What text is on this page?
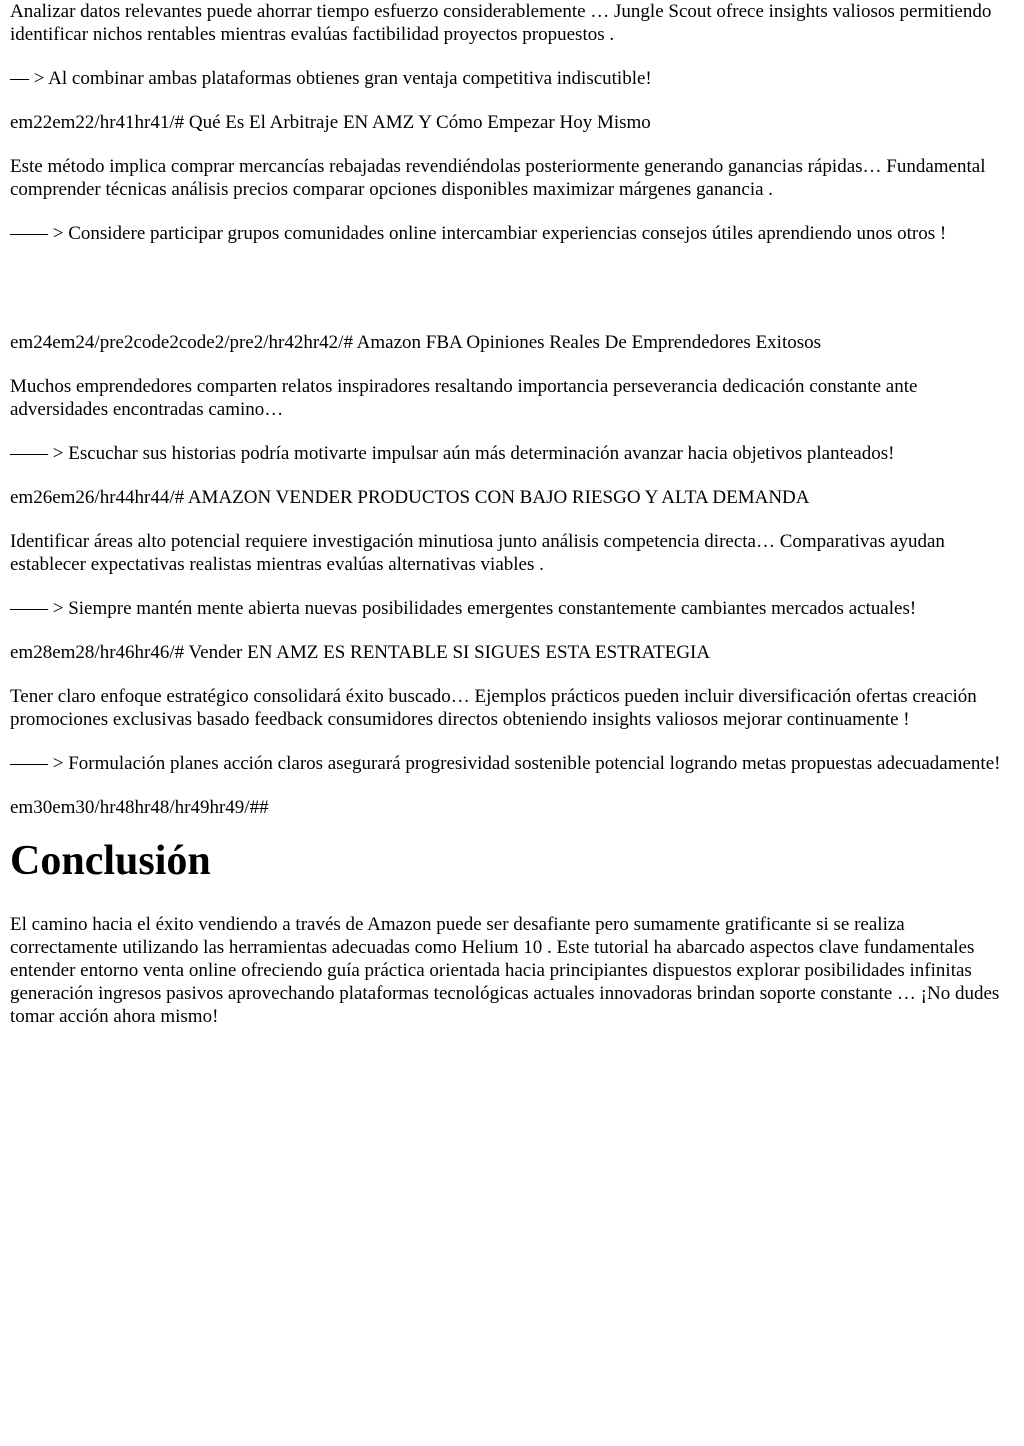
Analizar datos relevantes puede ahorrar tiempo esfuerzo considerablemente … Jungle Scout ofrece insights valiosos permitiendo identificar nichos rentables mientras evalúas factibilidad proyectos propuestos .

— > Al combinar ambas plataformas obtienes gran ventaja competitiva indiscutible!

em22em22/hr41hr41/# Qué Es El Arbitraje EN AMZ Y Cómo Empezar Hoy Mismo

Este método implica comprar mercancías rebajadas revendiéndolas posteriormente generando ganancias rápidas… Fundamental comprender técnicas análisis precios comparar opciones disponibles maximizar márgenes ganancia .

—— > Considere participar grupos comunidades online intercambiar experiencias consejos útiles aprendiendo unos otros !

em24em24/pre2code2code2/pre2/hr42hr42/# Amazon FBA Opiniones Reales De Emprendedores Exitosos

Muchos emprendedores comparten relatos inspiradores resaltando importancia perseverancia dedicación constante ante adversidades encontradas camino…

—— > Escuchar sus historias podría motivarte impulsar aún más determinación avanzar hacia objetivos planteados!

em26em26/hr44hr44/# AMAZON VENDER PRODUCTOS CON BAJO RIESGO Y ALTA DEMANDA

Identificar áreas alto potencial requiere investigación minutiosa junto análisis competencia directa… Comparativas ayudan establecer expectativas realistas mientras evalúas alternativas viables .

—— > Siempre mantén mente abierta nuevas posibilidades emergentes constantemente cambiantes mercados actuales!

em28em28/hr46hr46/# Vender EN AMZ ES RENTABLE SI SIGUES ESTA ESTRATEGIA

Tener claro enfoque estratégico consolidará éxito buscado… Ejemplos prácticos pueden incluir diversificación ofertas creación promociones exclusivas basado feedback consumidores directos obteniendo insights valiosos mejorar continuamente !

—— > Formulación planes acción claros asegurará progresividad sostenible potencial logrando metas propuestas adecuadamente!

em30em30/hr48hr48/hr49hr49/##

Conclusión

El camino hacia el éxito vendiendo a través de Amazon puede ser desafiante pero sumamente gratificante si se realiza correctamente utilizando las herramientas adecuadas como Helium 10 . Este tutorial ha abarcado aspectos clave fundamentales entender entorno venta online ofreciendo guía práctica orientada hacia principiantes dispuestos explorar posibilidades infinitas generación ingresos pasivos aprovechando plataformas tecnológicas actuales innovadoras brindan soporte constante … ¡No dudes tomar acción ahora mismo!
